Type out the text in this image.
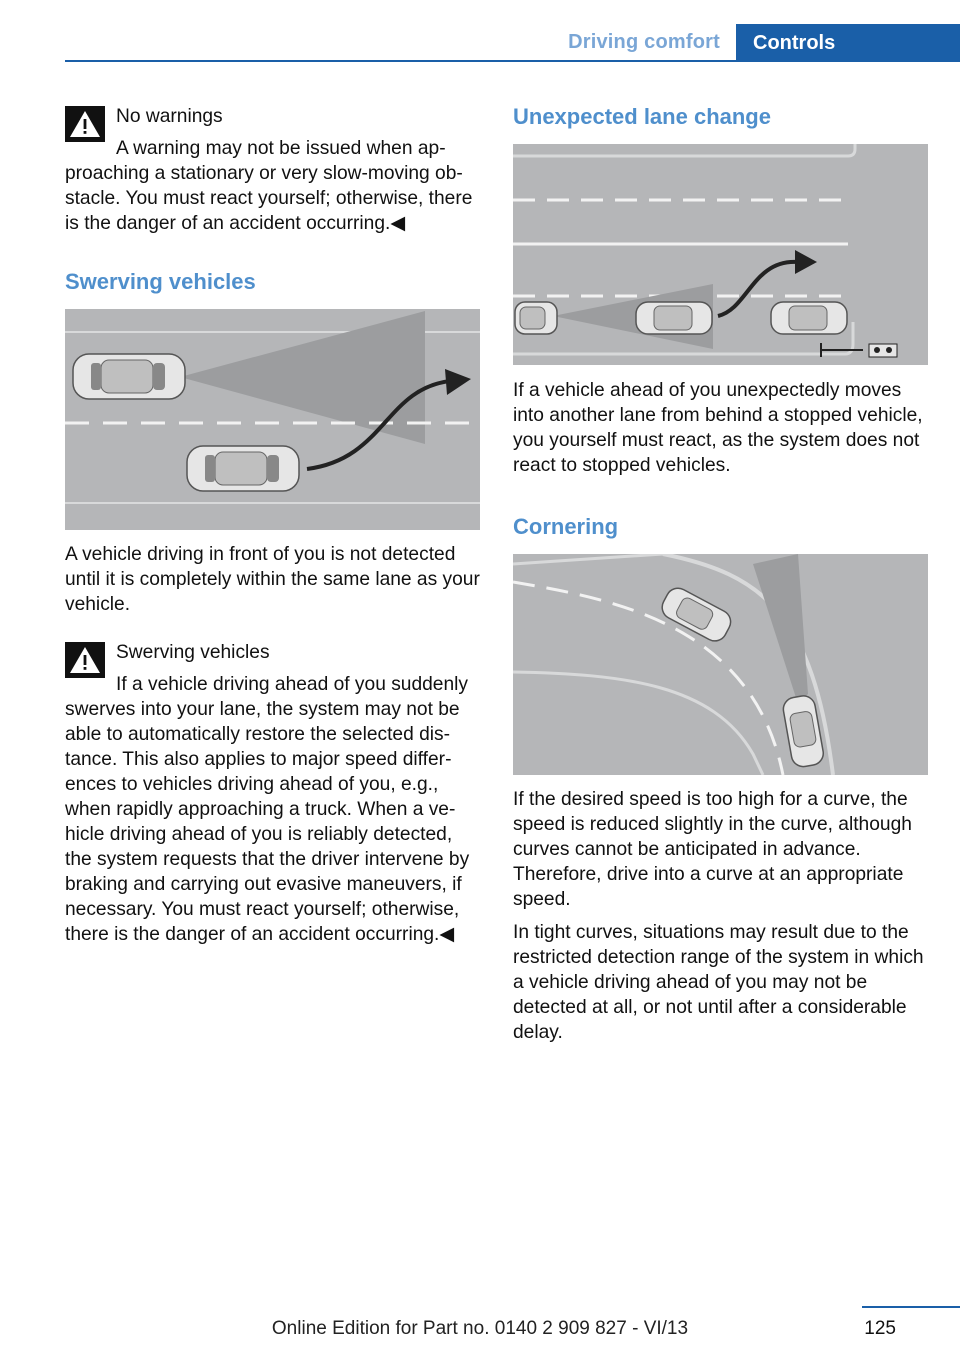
Driving comfort	Controls

No warnings

A warning may not be issued when approaching a stationary or very slow-moving obstacle. You must react yourself; otherwise, there is the danger of an accident occurring.◀

Swerving vehicles

A vehicle driving in front of you is not detected until it is completely within the same lane as your vehicle.

Swerving vehicles

If a vehicle driving ahead of you suddenly swerves into your lane, the system may not be able to automatically restore the selected distance. This also applies to major speed differences to vehicles driving ahead of you, e.g., when rapidly approaching a truck. When a vehicle driving ahead of you is reliably detected, the system requests that the driver intervene by braking and carrying out evasive maneuvers, if necessary. You must react yourself; otherwise, there is the danger of an accident occurring.◀

Unexpected lane change

If a vehicle ahead of you unexpectedly moves into another lane from behind a stopped vehicle, you yourself must react, as the system does not react to stopped vehicles.

Cornering

If the desired speed is too high for a curve, the speed is reduced slightly in the curve, although curves cannot be anticipated in advance. Therefore, drive into a curve at an appropriate speed.

In tight curves, situations may result due to the restricted detection range of the system in which a vehicle driving ahead of you may not be detected at all, or not until after a considerable delay.

125
Online Edition for Part no. 0140 2 909 827 - VI/13
